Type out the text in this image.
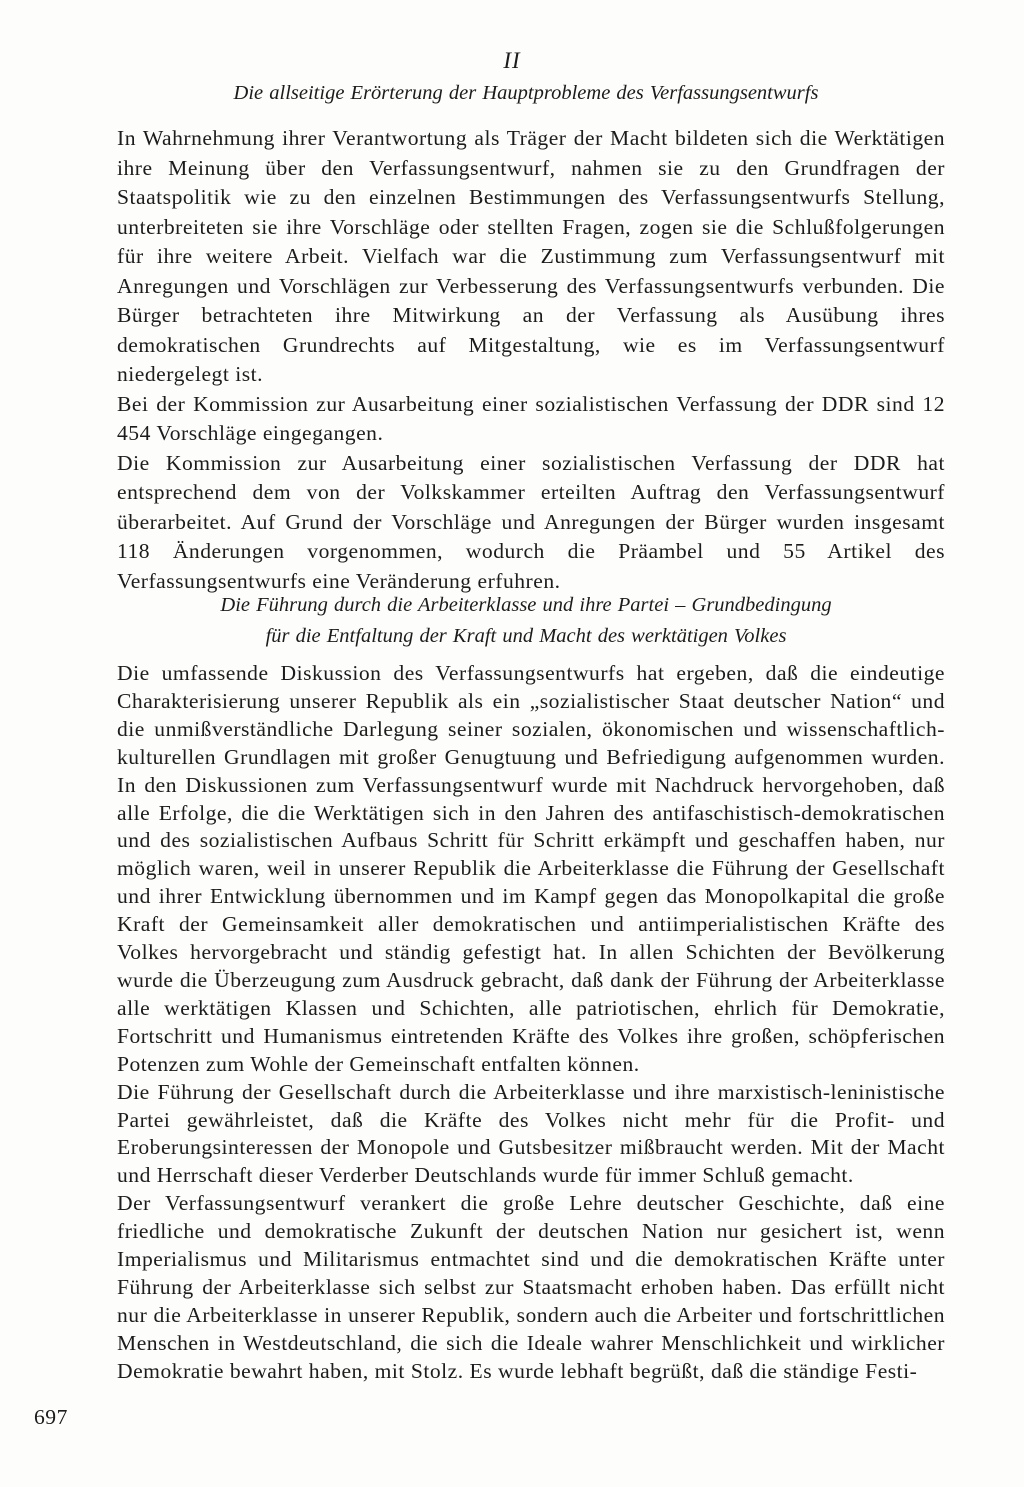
II
Die allseitige Erörterung der Hauptprobleme des Verfassungsentwurfs

In Wahrnehmung ihrer Verantwortung als Träger der Macht bildeten sich die Werktätigen ihre Meinung über den Verfassungsentwurf, nahmen sie zu den Grundfragen der Staatspolitik wie zu den einzelnen Bestimmungen des Verfassungsentwurfs Stellung, unterbreiteten sie ihre Vorschläge oder stellten Fragen, zogen sie die Schlußfolgerungen für ihre weitere Arbeit. Vielfach war die Zustimmung zum Verfassungsentwurf mit Anregungen und Vorschlägen zur Verbesserung des Verfassungsentwurfs verbunden. Die Bürger betrachteten ihre Mitwirkung an der Verfassung als Ausübung ihres demokratischen Grundrechts auf Mitgestaltung, wie es im Verfassungsentwurf niedergelegt ist.

Bei der Kommission zur Ausarbeitung einer sozialistischen Verfassung der DDR sind 12 454 Vorschläge eingegangen.

Die Kommission zur Ausarbeitung einer sozialistischen Verfassung der DDR hat entsprechend dem von der Volkskammer erteilten Auftrag den Verfassungsentwurf überarbeitet. Auf Grund der Vorschläge und Anregungen der Bürger wurden insgesamt 118 Änderungen vorgenommen, wodurch die Präambel und 55 Artikel des Verfassungsentwurfs eine Veränderung erfuhren.

Die Führung durch die Arbeiterklasse und ihre Partei – Grundbedingung
für die Entfaltung der Kraft und Macht des werktätigen Volkes

Die umfassende Diskussion des Verfassungsentwurfs hat ergeben, daß die eindeutige Charakterisierung unserer Republik als ein „sozialistischer Staat deutscher Nation“ und die unmißverständliche Darlegung seiner sozialen, ökonomischen und wissenschaftlich-kulturellen Grundlagen mit großer Genugtuung und Befriedigung aufgenommen wurden. In den Diskussionen zum Verfassungsentwurf wurde mit Nachdruck hervorgehoben, daß alle Erfolge, die die Werktätigen sich in den Jahren des antifaschistisch-demokratischen und des sozialistischen Aufbaus Schritt für Schritt erkämpft und geschaffen haben, nur möglich waren, weil in unserer Republik die Arbeiterklasse die Führung der Gesellschaft und ihrer Entwicklung übernommen und im Kampf gegen das Monopolkapital die große Kraft der Gemeinsamkeit aller demokratischen und antiimperialistischen Kräfte des Volkes hervorgebracht und ständig gefestigt hat. In allen Schichten der Bevölkerung wurde die Überzeugung zum Ausdruck gebracht, daß dank der Führung der Arbeiterklasse alle werktätigen Klassen und Schichten, alle patriotischen, ehrlich für Demokratie, Fortschritt und Humanismus eintretenden Kräfte des Volkes ihre großen, schöpferischen Potenzen zum Wohle der Gemeinschaft entfalten können.

Die Führung der Gesellschaft durch die Arbeiterklasse und ihre marxistisch-leninistische Partei gewährleistet, daß die Kräfte des Volkes nicht mehr für die Profit- und Eroberungsinteressen der Monopole und Gutsbesitzer mißbraucht werden. Mit der Macht und Herrschaft dieser Verderber Deutschlands wurde für immer Schluß gemacht.

Der Verfassungsentwurf verankert die große Lehre deutscher Geschichte, daß eine friedliche und demokratische Zukunft der deutschen Nation nur gesichert ist, wenn Imperialismus und Militarismus entmachtet sind und die demokratischen Kräfte unter Führung der Arbeiterklasse sich selbst zur Staatsmacht erhoben haben. Das erfüllt nicht nur die Arbeiterklasse in unserer Republik, sondern auch die Arbeiter und fortschrittlichen Menschen in Westdeutschland, die sich die Ideale wahrer Menschlichkeit und wirklicher Demokratie bewahrt haben, mit Stolz. Es wurde lebhaft begrüßt, daß die ständige Festi-

697
